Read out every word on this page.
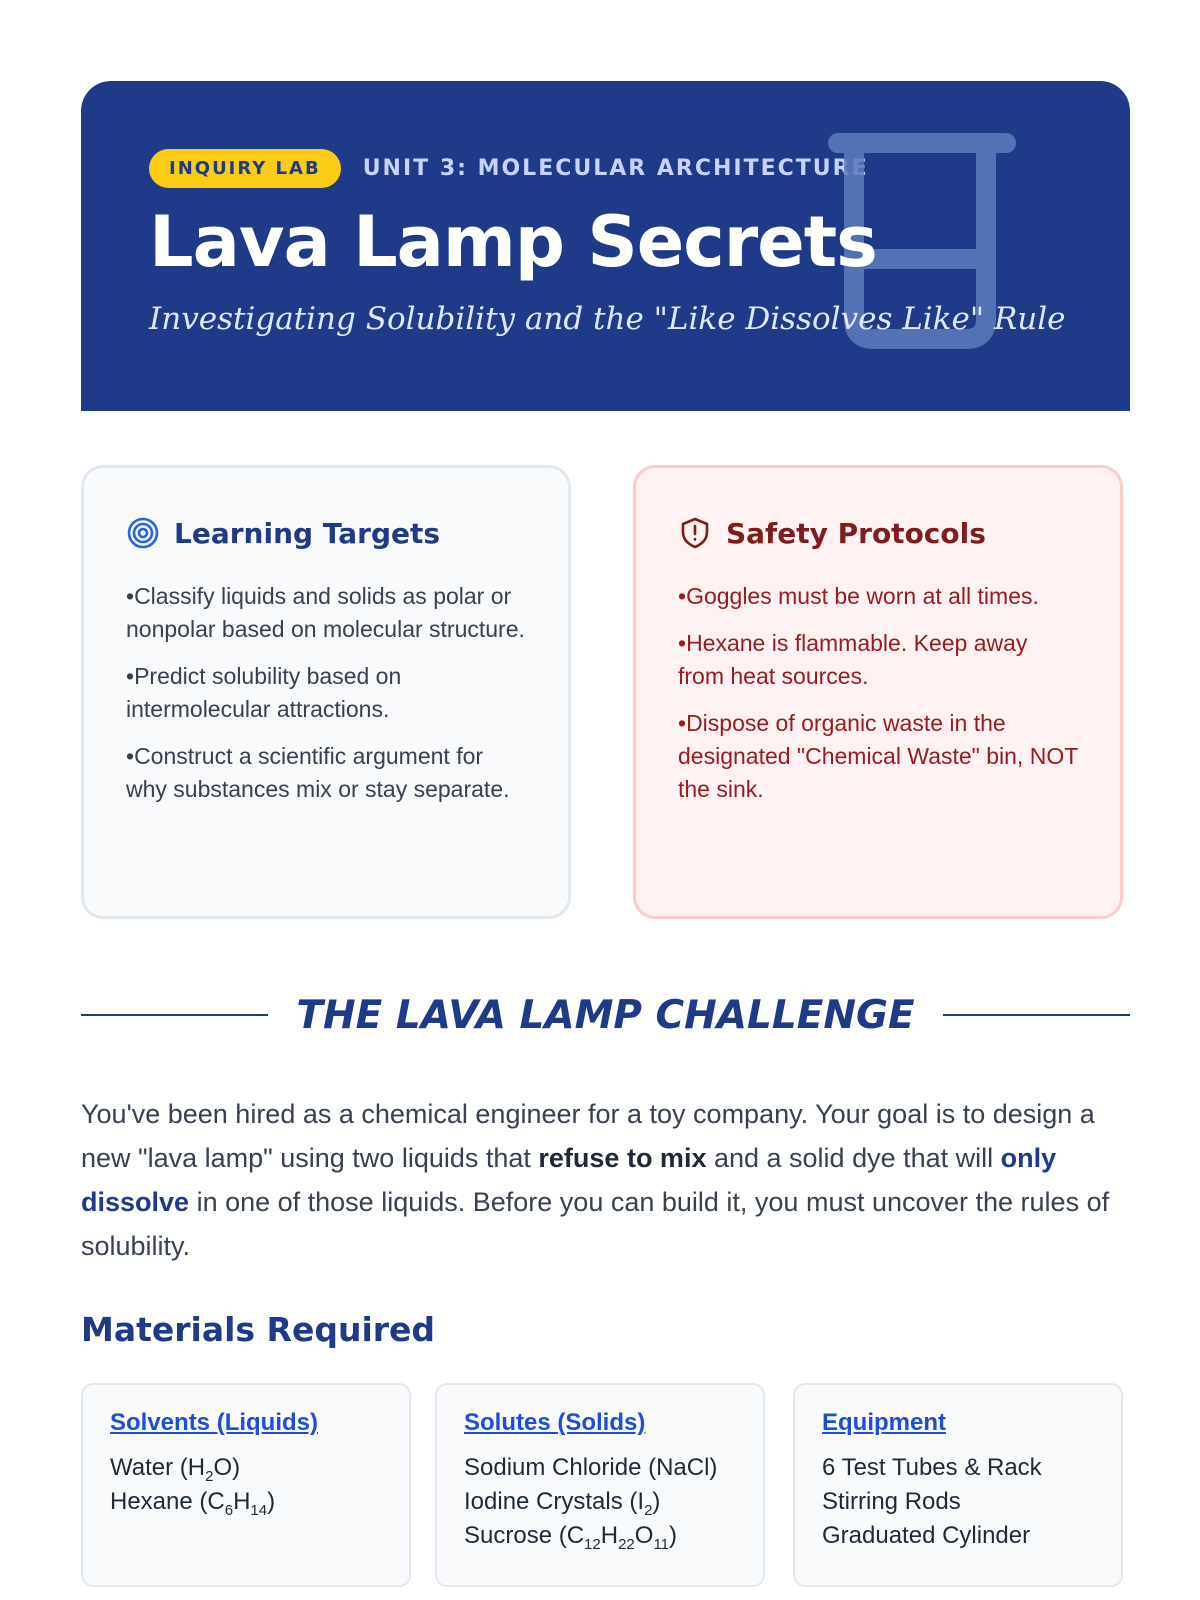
INQUIRY LAB	UNIT 3: MOLECULAR ARCHITECTURE
Lava Lamp Secrets
Investigating Solubility and the "Like Dissolves Like" Rule
Learning Targets
• Classify liquids and solids as polar or nonpolar based on molecular structure.
• Predict solubility based on intermolecular attractions.
• Construct a scientific argument for why substances mix or stay separate.
Safety Protocols
• Goggles must be worn at all times.
• Hexane is flammable. Keep away from heat sources.
• Dispose of organic waste in the designated "Chemical Waste" bin, NOT the sink.
THE LAVA LAMP CHALLENGE

You've been hired as a chemical engineer for a toy company. Your goal is to design a new "lava lamp" using two liquids that refuse to mix and a solid dye that will only dissolve in one of those liquids. Before you can build it, you must uncover the rules of solubility.

Materials Required
Solvents (Liquids)
Water $(H_2O)$
Hexane $(C_6H_{14})$
Solutes (Solids)
Sodium Chloride (NaCl)
Iodine Crystals $(I_2)$
Sucrose $(C_{12}H_{22}O_{11})$
Equipment
6 Test Tubes & Rack
Stirring Rods
Graduated Cylinder
